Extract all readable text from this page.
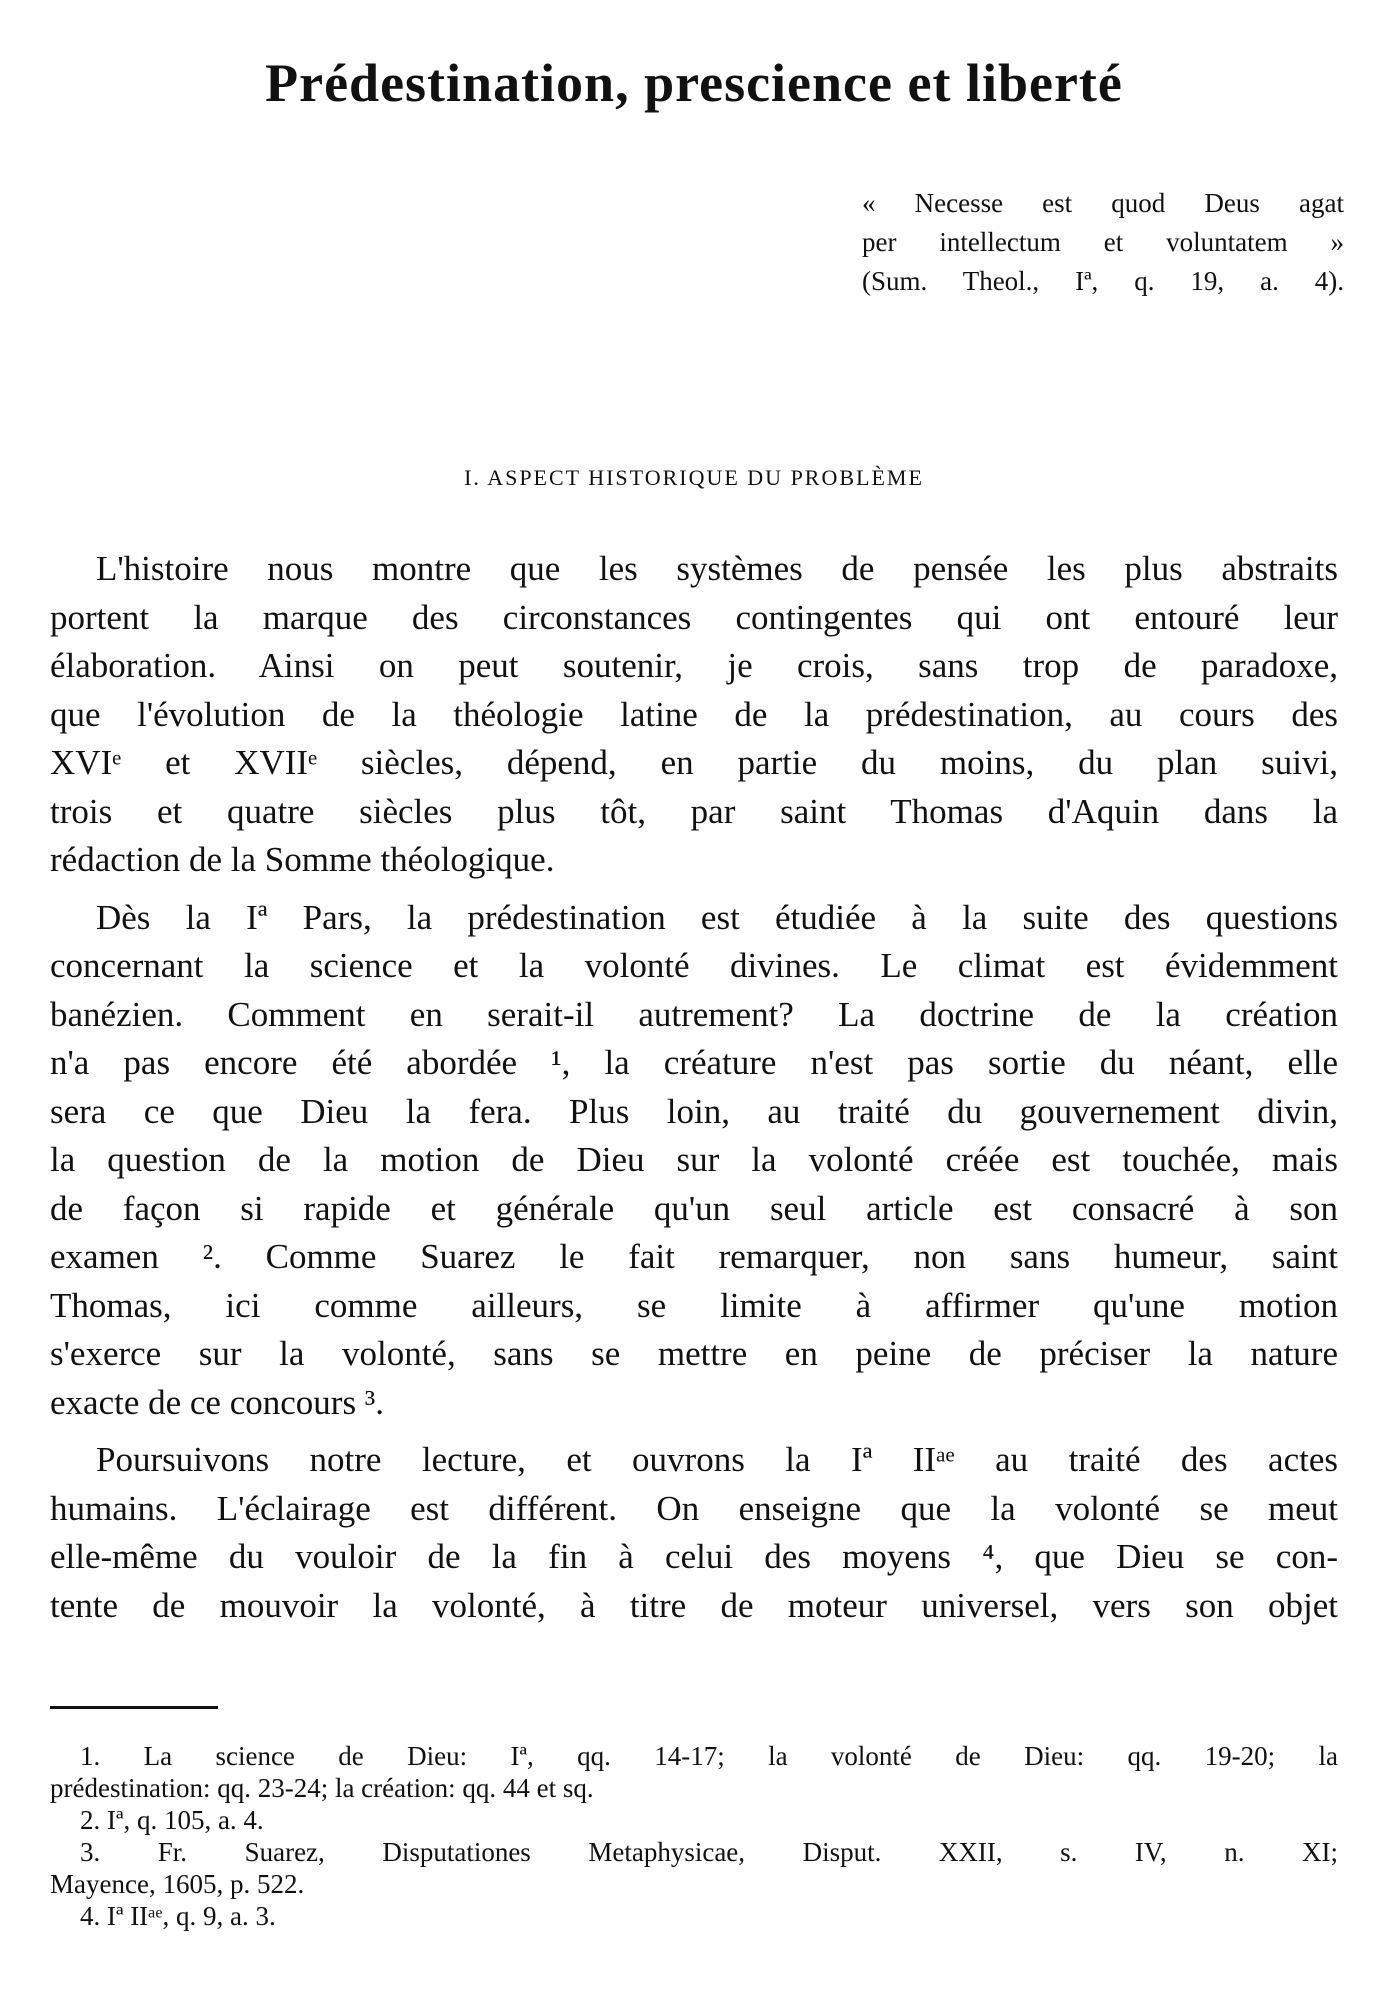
Prédestination, prescience et liberté
« Necesse est quod Deus agat
per intellectum et voluntatem »
(Sum. Theol., Iª, q. 19, a. 4).
I. ASPECT HISTORIQUE DU PROBLÈME
L'histoire nous montre que les systèmes de pensée les plus abstraits
portent la marque des circonstances contingentes qui ont entouré leur
élaboration. Ainsi on peut soutenir, je crois, sans trop de paradoxe,
que l'évolution de la théologie latine de la prédestination, au cours des
XVIᵉ et XVIIᵉ siècles, dépend, en partie du moins, du plan suivi,
trois et quatre siècles plus tôt, par saint Thomas d'Aquin dans la
rédaction de la Somme théologique.
Dès la Iª Pars, la prédestination est étudiée à la suite des questions
concernant la science et la volonté divines. Le climat est évidemment
banézien. Comment en serait-il autrement? La doctrine de la création
n'a pas encore été abordée ¹, la créature n'est pas sortie du néant, elle
sera ce que Dieu la fera. Plus loin, au traité du gouvernement divin,
la question de la motion de Dieu sur la volonté créée est touchée, mais
de façon si rapide et générale qu'un seul article est consacré à son
examen ². Comme Suarez le fait remarquer, non sans humeur, saint
Thomas, ici comme ailleurs, se limite à affirmer qu'une motion
s'exerce sur la volonté, sans se mettre en peine de préciser la nature
exacte de ce concours ³.
Poursuivons notre lecture, et ouvrons la Iª IIᵃᵉ au traité des actes
humains. L'éclairage est différent. On enseigne que la volonté se meut
elle-même du vouloir de la fin à celui des moyens ⁴, que Dieu se con-
tente de mouvoir la volonté, à titre de moteur universel, vers son objet
1. La science de Dieu: Iª, qq. 14-17; la volonté de Dieu: qq. 19-20; la
prédestination: qq. 23-24; la création: qq. 44 et sq.
2. Iª, q. 105, a. 4.
3. Fr. Suarez, Disputationes Metaphysicae, Disput. XXII, s. IV, n. XI;
Mayence, 1605, p. 522.
4. Iª IIᵃᵉ, q. 9, a. 3.
